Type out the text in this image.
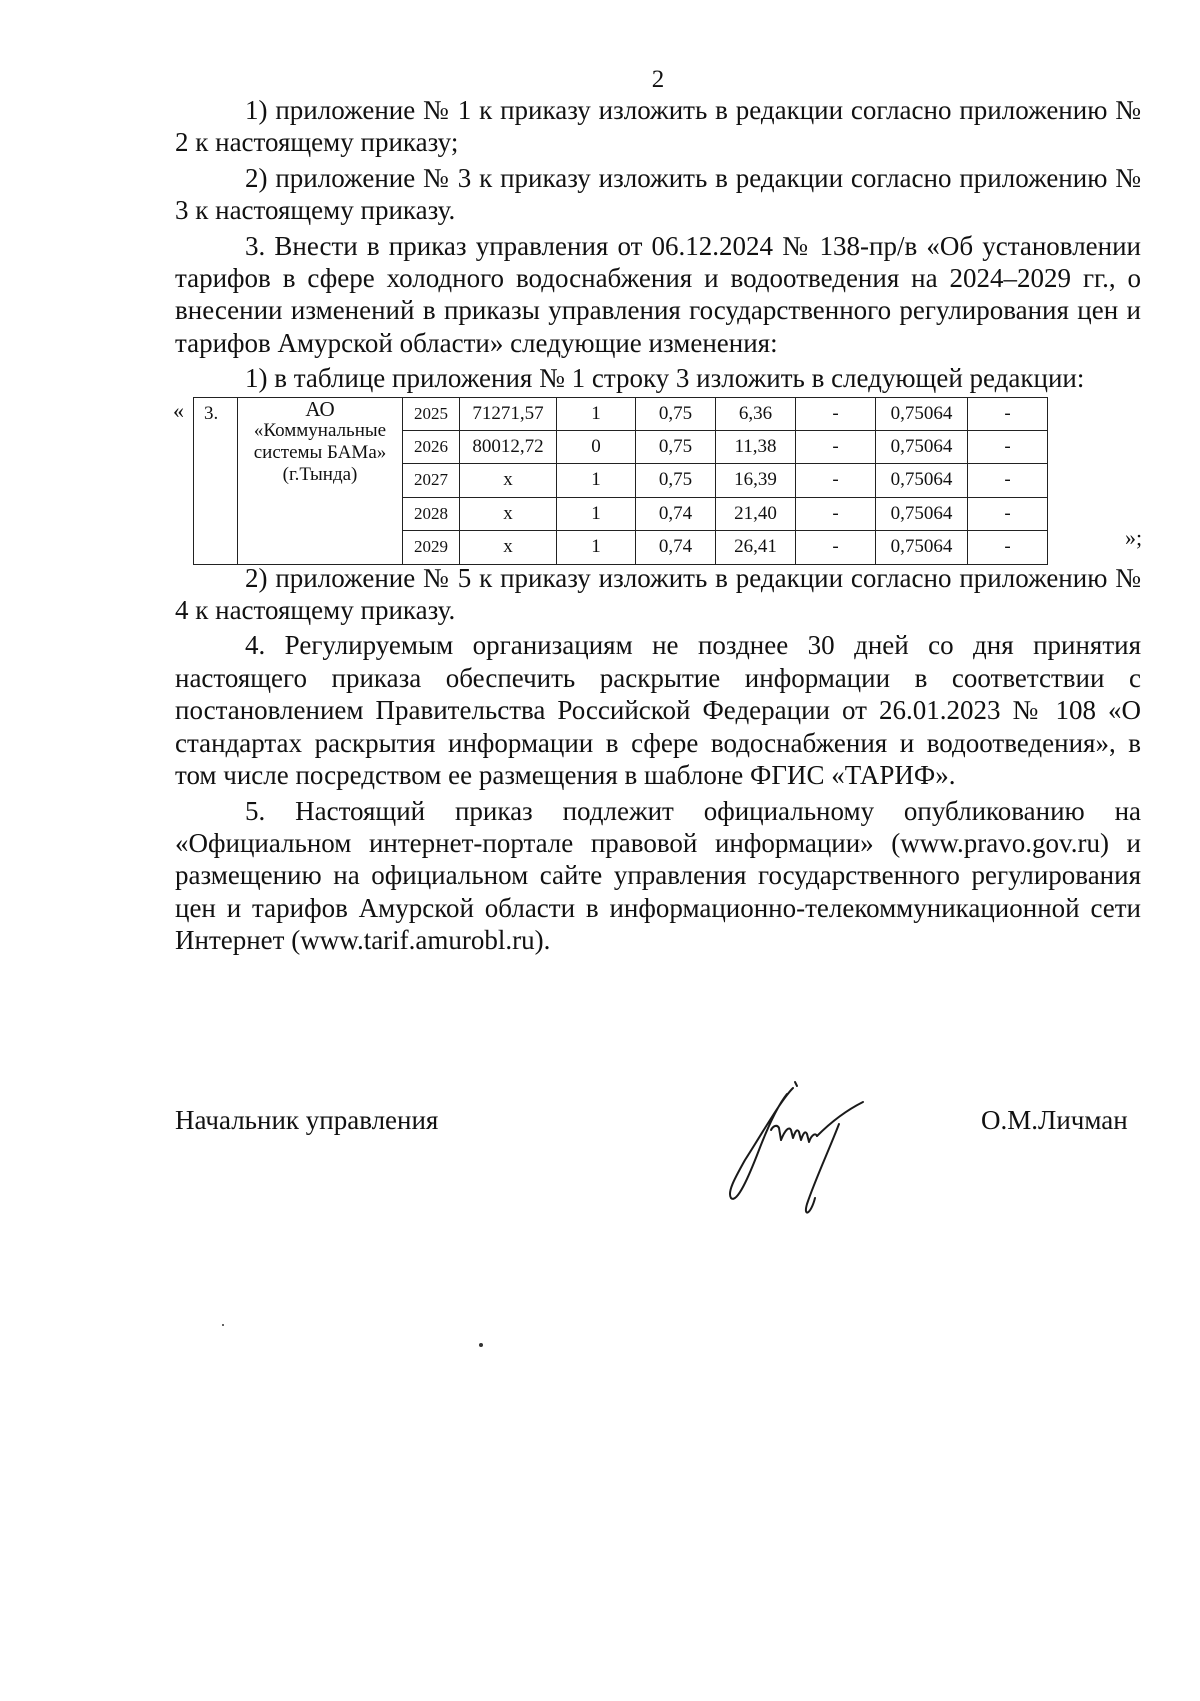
2

1) приложение № 1 к приказу изложить в редакции согласно приложению № 2 к настоящему приказу;

2) приложение № 3 к приказу изложить в редакции согласно приложению № 3 к настоящему приказу.

3. Внести в приказ управления от 06.12.2024 № 138-пр/в «Об установлении тарифов в сфере холодного водоснабжения и водоотведения на 2024–2029 гг., о внесении изменений в приказы управления государственного регулирования цен и тарифов Амурской области» следующие изменения:

1) в таблице приложения № 1 строку 3 изложить в следующей редакции:

« 3.	АО
«Коммунальные системы БАМа»
(г.Тында)	2025	71271,57	1	0,75	6,36	-	0,75064	-
		2026	80012,72	0	0,75	11,38	-	0,75064	-
		2027	x	1	0,75	16,39	-	0,75064	-
		2028	x	1	0,74	21,40	-	0,75064	-
		2029	x	1	0,74	26,41	-	0,75064	-	»;

2) приложение № 5 к приказу изложить в редакции согласно приложению № 4 к настоящему приказу.

4. Регулируемым организациям не позднее 30 дней со дня принятия настоящего приказа обеспечить раскрытие информации в соответствии с постановлением Правительства Российской Федерации от 26.01.2023 № 108 «О стандартах раскрытия информации в сфере водоснабжения и водоотведения», в том числе посредством ее размещения в шаблоне ФГИС «ТАРИФ».

5. Настоящий приказ подлежит официальному опубликованию на «Официальном интернет-портале правовой информации» (www.pravo.gov.ru) и размещению на официальном сайте управления государственного регулирования цен и тарифов Амурской области в информационно-телекоммуникационной сети Интернет (www.tarif.amurobl.ru).

Начальник управления	О.М.Личман
